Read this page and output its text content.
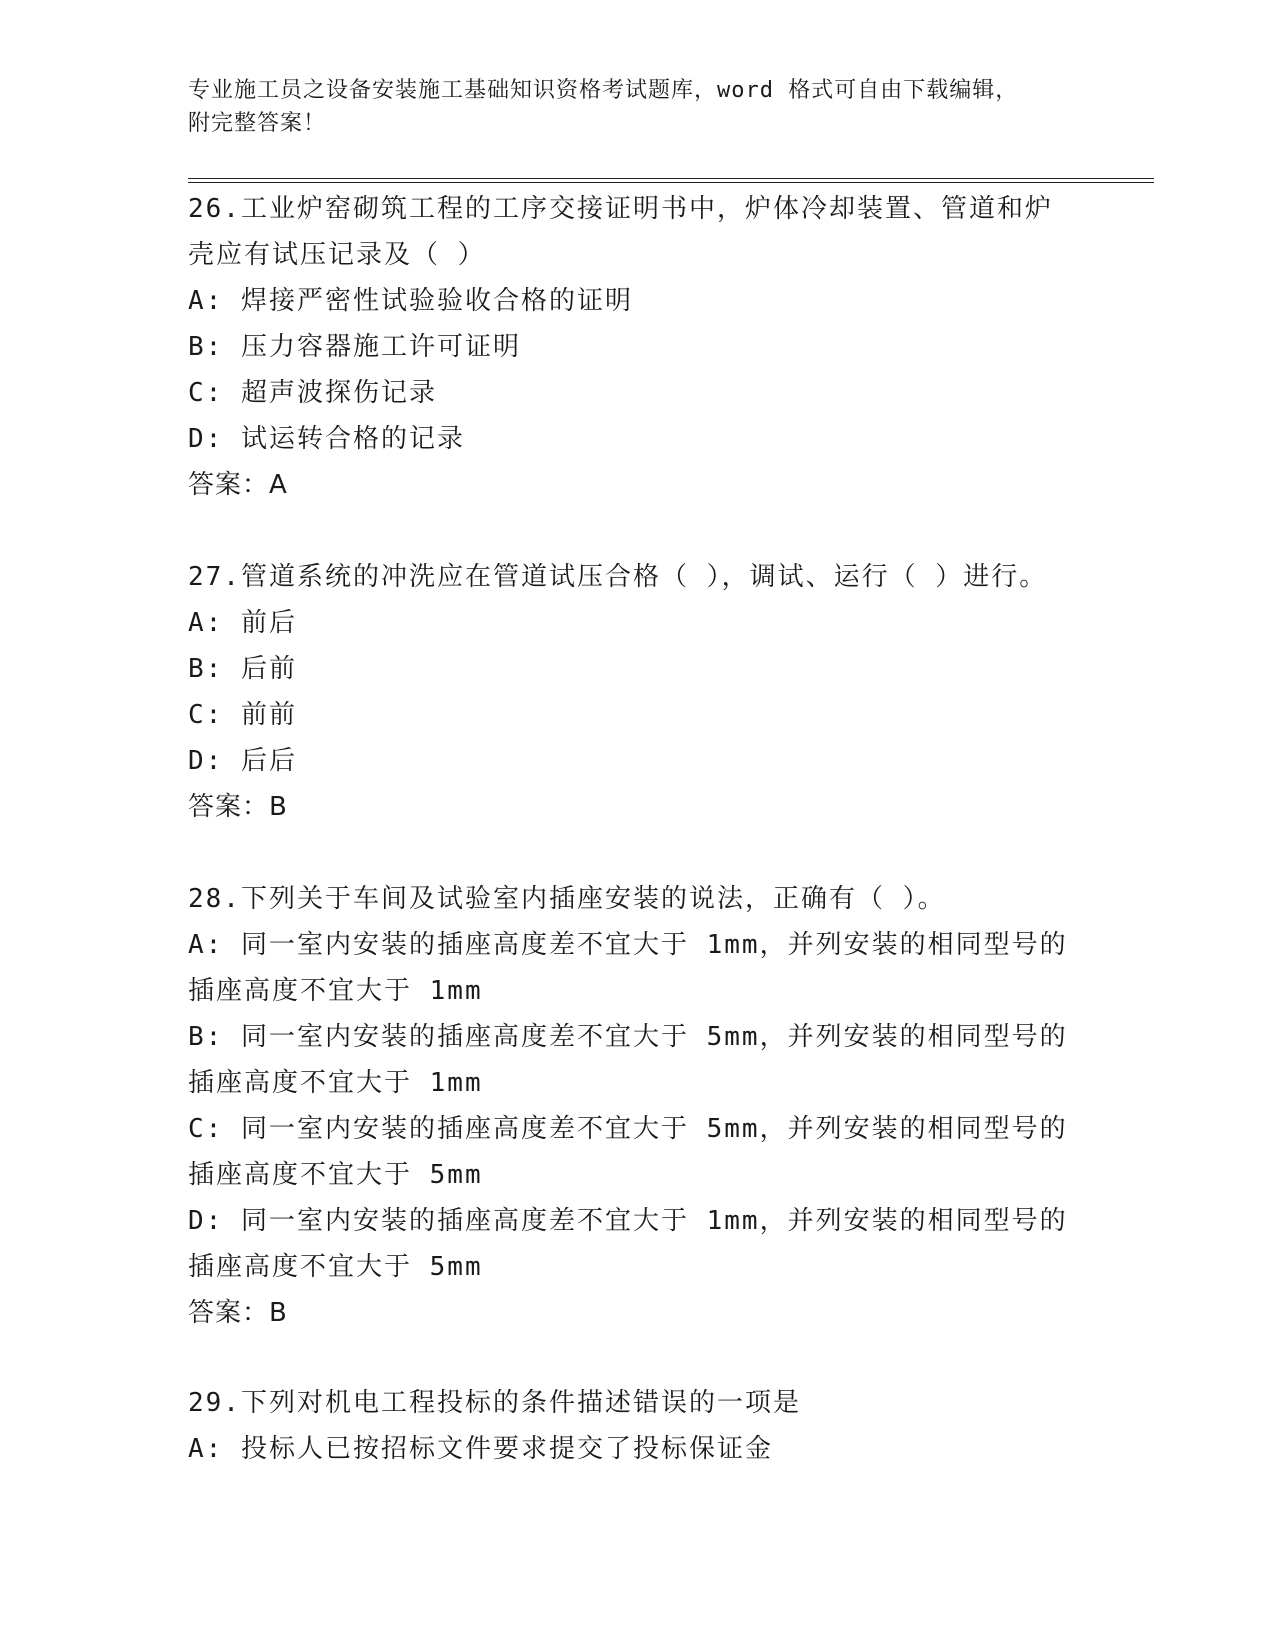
专业施工员之设备安装施工基础知识资格考试题库，word 格式可自由下载编辑，
附完整答案！
26.工业炉窑砌筑工程的工序交接证明书中，炉体冷却装置、管道和炉
壳应有试压记录及（ ）
A: 焊接严密性试验验收合格的证明
B: 压力容器施工许可证明
C: 超声波探伤记录
D: 试运转合格的记录
答案：A
27.管道系统的冲洗应在管道试压合格（ ），调试、运行（ ）进行。
A: 前后
B: 后前
C: 前前
D: 后后
答案：B
28.下列关于车间及试验室内插座安装的说法，正确有（ ）。
A: 同一室内安装的插座高度差不宜大于 1mm，并列安装的相同型号的
插座高度不宜大于 1mm
B: 同一室内安装的插座高度差不宜大于 5mm，并列安装的相同型号的
插座高度不宜大于 1mm
C: 同一室内安装的插座高度差不宜大于 5mm，并列安装的相同型号的
插座高度不宜大于 5mm
D: 同一室内安装的插座高度差不宜大于 1mm，并列安装的相同型号的
插座高度不宜大于 5mm
答案：B
29.下列对机电工程投标的条件描述错误的一项是
A: 投标人已按招标文件要求提交了投标保证金
